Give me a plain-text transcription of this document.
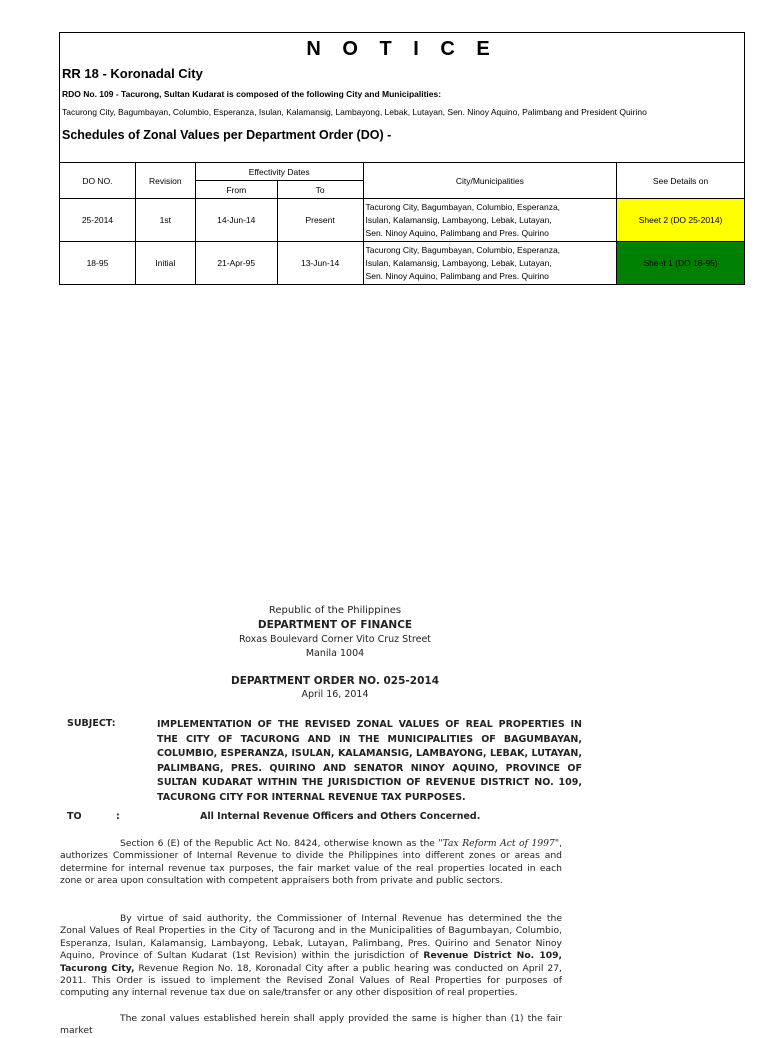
N O T I C E
RR 18 - Koronadal City
RDO No. 109 - Tacurong, Sultan Kudarat is composed of the following City and Municipalities:
Tacurong City, Bagumbayan, Columbio, Esperanza, Isulan, Kalamansig, Lambayong, Lebak, Lutayan, Sen. Ninoy Aquino, Palimbang and President Quirino
Schedules of Zonal Values per Department Order (DO) -
DO NO.	Revision	Effectivity Dates		City/Municipalities	See Details on
		From	To		
25-2014	1st	14-Jun-14	Present	Tacurong City, Bagumbayan, Columbio, Esperanza,
Isulan, Kalamansig, Lambayong, Lebak, Lutayan,
Sen. Ninoy Aquino, Palimbang and Pres. Quirino	Sheet 2 (DO 25-2014)
18-95	Initial	21-Apr-95	13-Jun-14	Tacurong City, Bagumbayan, Columbio, Esperanza,
Isulan, Kalamansig, Lambayong, Lebak, Lutayan,
Sen. Ninoy Aquino, Palimbang and Pres. Quirino	Sheet 1 (DO 18-95)
Republic of the Philippines
DEPARTMENT OF FINANCE
Roxas Boulevard Corner Vito Cruz Street
Manila 1004
DEPARTMENT ORDER NO. 025-2014
April 16, 2014
SUBJECT:	IMPLEMENTATION OF THE REVISED ZONAL VALUES OF REAL PROPERTIES IN THE CITY OF TACURONG AND IN THE MUNICIPALITIES OF BAGUMBAYAN, COLUMBIO, ESPERANZA, ISULAN, KALAMANSIG, LAMBAYONG, LEBAK, LUTAYAN, PALIMBANG, PRES. QUIRINO AND SENATOR NINOY AQUINO, PROVINCE OF SULTAN KUDARAT WITHIN THE JURISDICTION OF REVENUE DISTRICT NO. 109, TACURONG CITY FOR INTERNAL REVENUE TAX PURPOSES.
TO	:	All Internal Revenue Officers and Others Concerned.
Section 6 (E) of the Republic Act No. 8424, otherwise known as the "Tax Reform Act of 1997", authorizes Commissioner of Internal Revenue to divide the Philippines into different zones or areas and determine for internal revenue tax purposes, the fair market value of the real properties located in each zone or area upon consultation with competent appraisers both from private and public sectors.
By virtue of said authority, the Commissioner of Internal Revenue has determined the the Zonal Values of Real Properties in the City of Tacurong and in the Municipalities of Bagumbayan, Columbio, Esperanza, Isulan, Kalamansig, Lambayong, Lebak, Lutayan, Palimbang, Pres. Quirino and Senator Ninoy Aquino, Province of Sultan Kudarat (1st Revision) within the jurisdiction of Revenue District No. 109, Tacurong City, Revenue Region No. 18, Koronadal City after a public hearing was conducted on April 27, 2011. This Order is issued to implement the Revised Zonal Values of Real Properties for purposes of computing any internal revenue tax due on sale/transfer or any other disposition of real properties.
The zonal values established herein shall apply provided the same is higher than (1) the fair market
